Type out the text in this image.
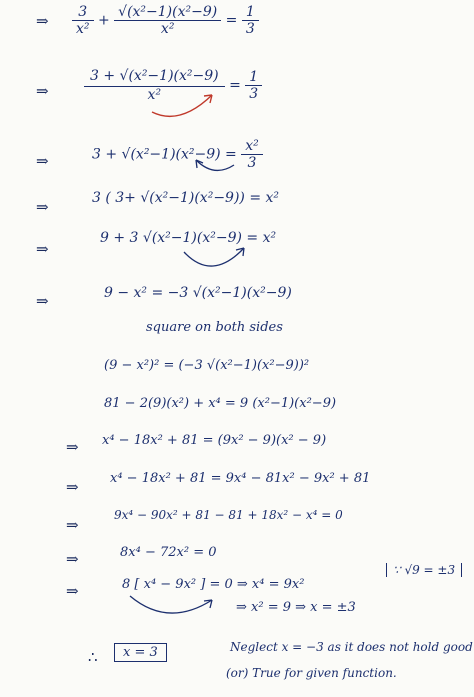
⇒ $\frac{3}{\text{x²}} + \frac{\text{√(x²−1)(x²−9)}}{\text{x²}} = \frac{1}{3}$
⇒	$\frac{\text{3 + √(x²−1)(x²−9)}}{\text{x²}} = \frac{1}{3}$
⇒	$3 + √(x^2-1)(x^2-9) = \frac{\text{x²}}{3}$
⇒	3 ( 3+ √(x²−1)(x²−9)) = x²
⇒
9 + 3 √(x²−1)(x²−9) = x²
⇒	9 − x² = −3 √(x²−1)(x²−9)
square on both sides
(9 − x²)² = (−3 √(x²−1)(x²−9))²
81 − 2(9)(x²) + x⁴ = 9 (x²−1)(x²−9)
⇒ x⁴ − 18x² + 81 = (9x² − 9)(x² − 9)
⇒ x⁴ − 18x² + 81 = 9x⁴ − 81x² − 9x² + 81
⇒
9x⁴ − 90x² + 81 − 81 + 18x² − x⁴ = 0
⇒	8x⁴ − 72x² = 0
⇒	8 [ x⁴ − 9x² ] = 0 ⇒ x⁴ = 9x²
∵ √9 = ±3
⇒ x² = 9 ⇒ x = ±3
∴	x = 3	Neglect x = −3 as it does not hold good
(or) True for given function.
